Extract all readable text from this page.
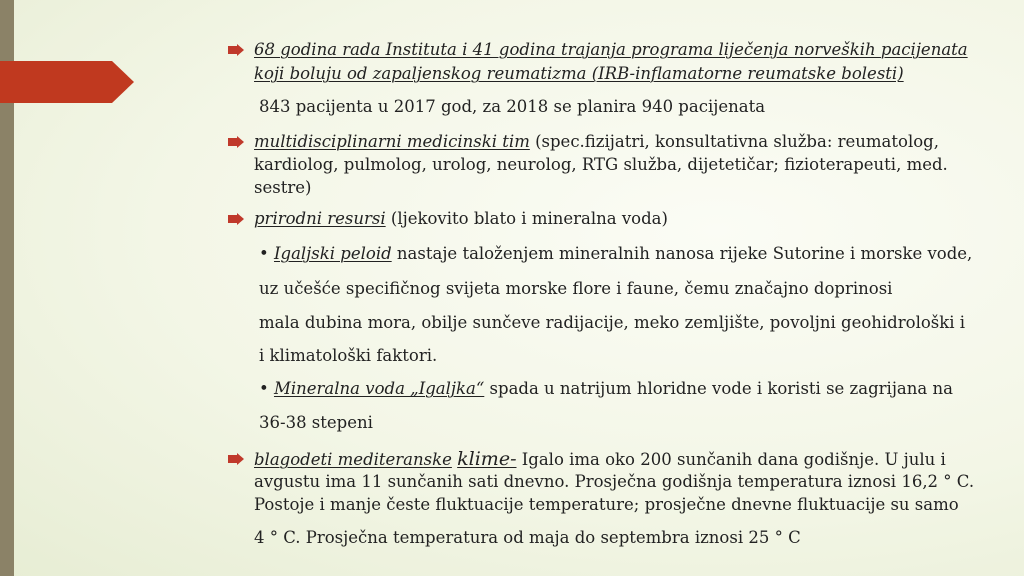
68 godina rada Instituta i 41 godina trajanja programa liječenja norveških pacijenata
koji boluju od zapaljenskog reumatizma (IRB-inflamatorne reumatske bolesti)
843 pacijenta u 2017 god, za 2018 se planira 940 pacijenata
multidisciplinarni medicinski tim (spec.fizijatri, konsultativna služba: reumatolog,
kardiolog, pulmolog, urolog, neurolog, RTG služba, dijetetičar; fizioterapeuti, med.
sestre)
prirodni resursi (ljekovito blato i mineralna voda)
• Igaljski peloid nastaje taloženjem mineralnih nanosa rijeke Sutorine i morske vode,
uz učešće specifičnog svijeta morske flore i faune, čemu značajno doprinosi
mala dubina mora, obilje sunčeve radijacije, meko zemljište, povoljni geohidrološki i
i klimatološki faktori.
• Mineralna voda „Igaljka“ spada u natrijum hloridne vode i koristi se zagrijana na
36-38 stepeni
blagodeti mediteranske klime- Igalo ima oko 200 sunčanih dana godišnje. U julu i
avgustu ima 11 sunčanih sati dnevno. Prosječna godišnja temperatura iznosi 16,2 ° C.
Postoje i manje česte fluktuacije temperature; prosječne dnevne fluktuacije su samo
4 ° C. Prosječna temperatura od maja do septembra iznosi 25 ° C
